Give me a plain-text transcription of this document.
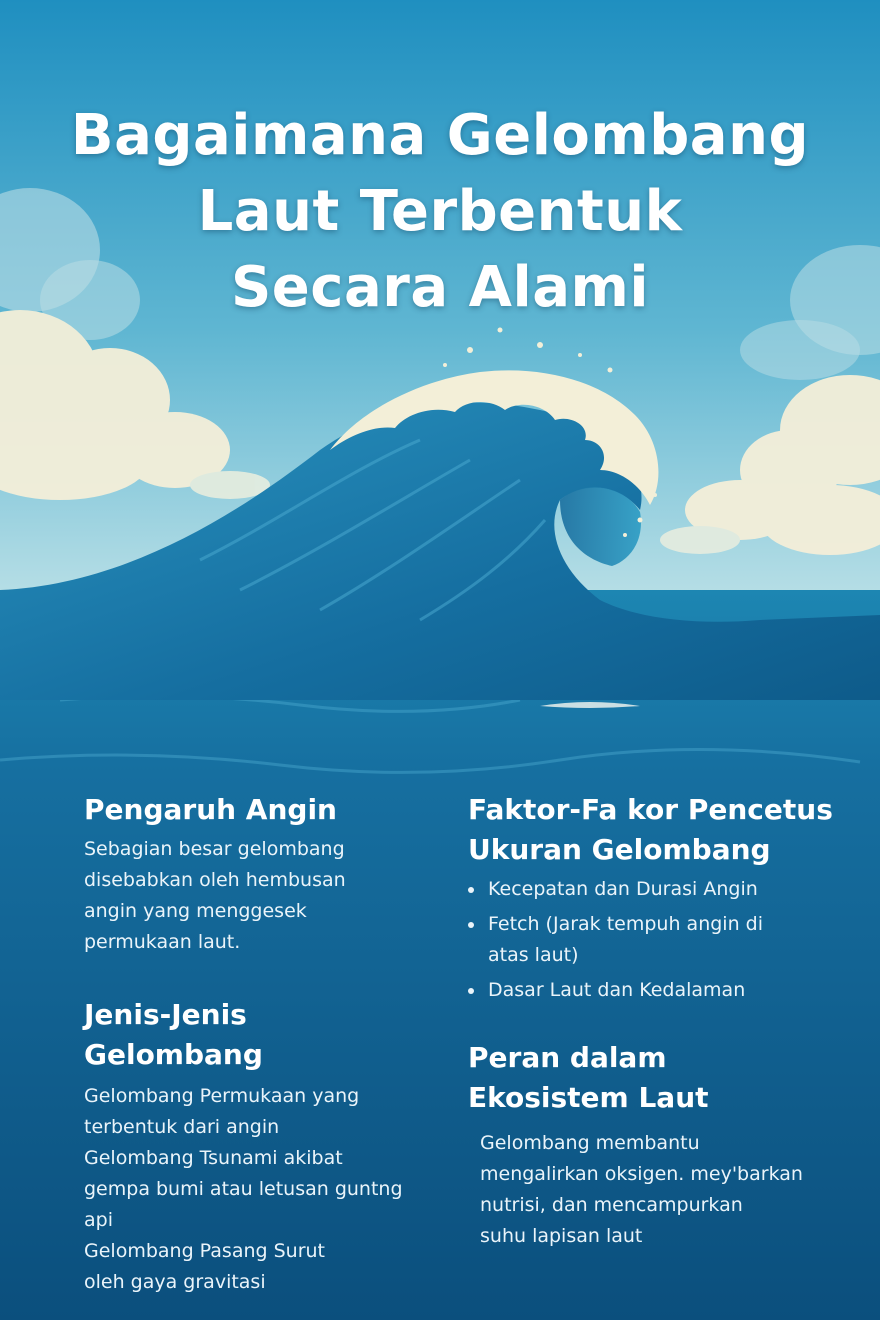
Bagaimana Gelombang
Laut Terbentuk
Secara Alami
Pengaruh Angin

Sebagian besar gelombang
disebabkan oleh hembusan
angin yang menggesek
permukaan laut.

Jenis-Jenis Gelombang

Gelombang Permukaan yang
terbentuk dari angin

Gelombang Tsunami akibat
gempa bumi atau letusan guntng
api

Gelombang Pasang Surut
oleh gaya gravitasi

Faktor-Fa kor Pencetus
Ukuran Gelombang
Kecepatan dan Durasi Angin
Fetch (Jarak tempuh angin di
atas laut)
Dasar Laut dan Kedalaman
Peran dalam
Ekosistem Laut

Gelombang membantu
mengalirkan oksigen. mey'barkan
nutrisi, dan mencampurkan
suhu lapisan laut
